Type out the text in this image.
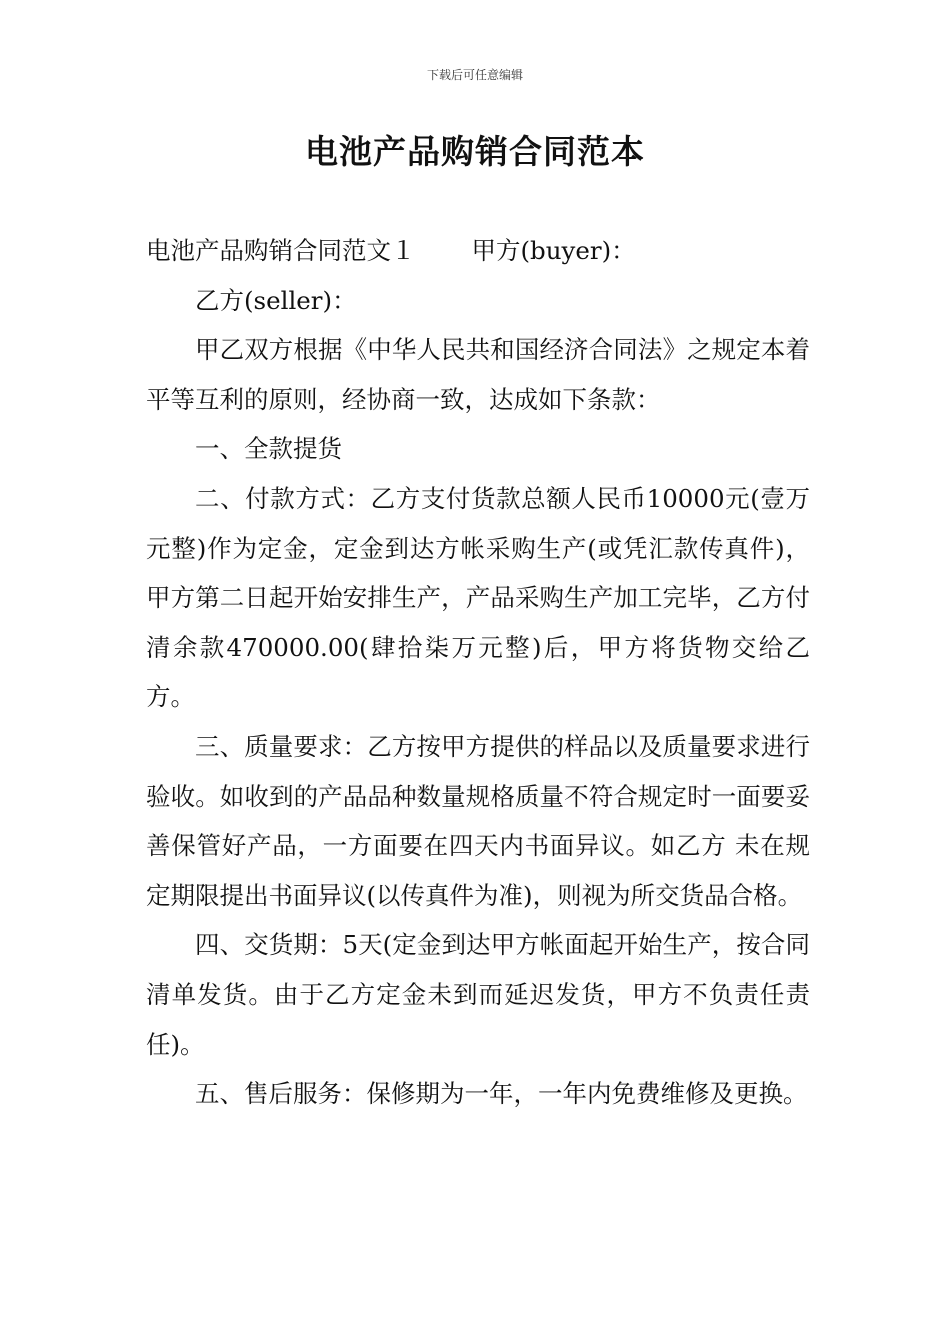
下载后可任意编辑
电池产品购销合同范本

电池产品购销合同范文１ 甲方(buyer)：

乙方(seller)：

甲乙双方根据《中华人民共和国经济合同法》之规定本着平等互利的原则，经协商一致，达成如下条款：

一、全款提货

二、付款方式：乙方支付货款总额人民币10000元(壹万元整)作为定金，定金到达方帐采购生产(或凭汇款传真件)，甲方第二日起开始安排生产，产品采购生产加工完毕，乙方付清余款470000.00(肆拾柒万元整)后，甲方将货物交给乙方。

三、质量要求：乙方按甲方提供的样品以及质量要求进行验收。如收到的产品品种数量规格质量不符合规定时一面要妥善保管好产品，一方面要在四天内书面异议。如乙方 未在规定期限提出书面异议(以传真件为准)，则视为所交货品合格。

四、交货期：5天(定金到达甲方帐面起开始生产，按合同清单发货。由于乙方定金未到而延迟发货，甲方不负责任责任)。

五、售后服务：保修期为一年，一年内免费维修及更换。
